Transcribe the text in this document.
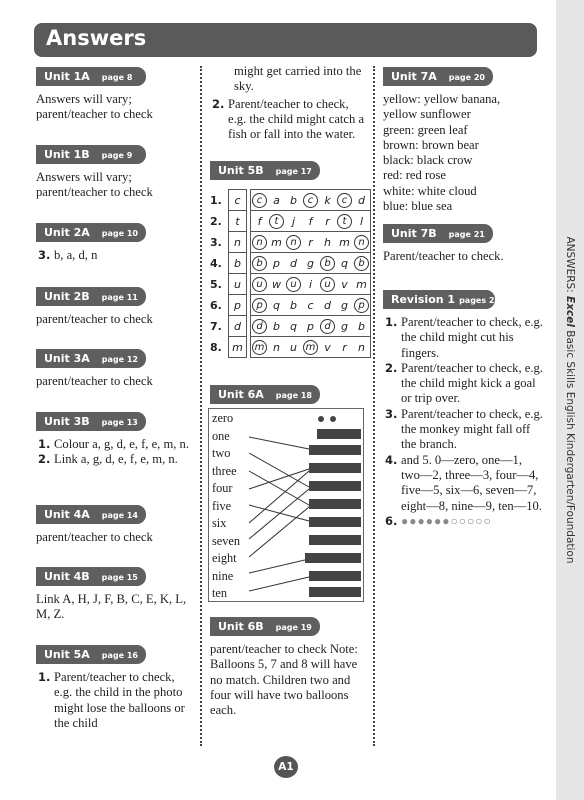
Answers
ANSWERS: Excel Basic Skills English Kindergarten/Foundation
Unit 1A page 8
Answers will vary; parent/teacher to check
Unit 1B page 9
Answers will vary; parent/teacher to check
Unit 2A page 10
3. b, a, d, n
Unit 2B page 11
parent/teacher to check
Unit 3A page 12
parent/teacher to check
Unit 3B page 13
1. Colour a, g, d, e, f, e, m, n.
2. Link a, g, d, e, f, e, m, n.
Unit 4A page 14
parent/teacher to check
Unit 4B page 15
Link A, H, J, F, B, C, E, K, L, M, Z.
Unit 5A page 16
1. Parent/teacher to check, e.g. the child in the photo might lose the balloons or the child
might get carried into the sky.
2. Parent/teacher to check, e.g. the child might catch a fish or fall into the water.
Unit 5B page 17
1.	c		c	a	b	c	k	c	d
2.	t		f	t	j	f	r	t	l
3.	n		n	m	n	r	h	m	n
4.	b		b	p	d	g	b	q	b
5.	u		u	w	u	i	u	v	m
6.	p		p	q	b	c	d	g	p
7.	d		d	b	q	p	d	g	b
8.	m		m	n	u	m	v	r	n
Unit 6A page 18
zero
one
two
three
four
five
six
seven
eight
nine
ten
Unit 6B page 19
parent/teacher to check Note: Balloons 5, 7 and 8 will have no match. Children two and four will have two balloons each.
Unit 7A page 20
yellow: yellow banana,
yellow sunflower
green: green leaf
brown: brown bear
black: black crow
red: red rose
white: white cloud
blue: blue sea
Unit 7B page 21
Parent/teacher to check.
Revision 1 pages 22–23
1. Parent/teacher to check, e.g. the child might cut his fingers.
2. Parent/teacher to check, e.g. the child might kick a goal or trip over.
3. Parent/teacher to check, e.g. the monkey might fall off the branch.
4. and 5. 0—zero, one—1, two—2, three—3, four—4, five—5, six—6, seven—7, eight—8, nine—9, ten—10.
6. ●●●●●●○○○○○
A1
